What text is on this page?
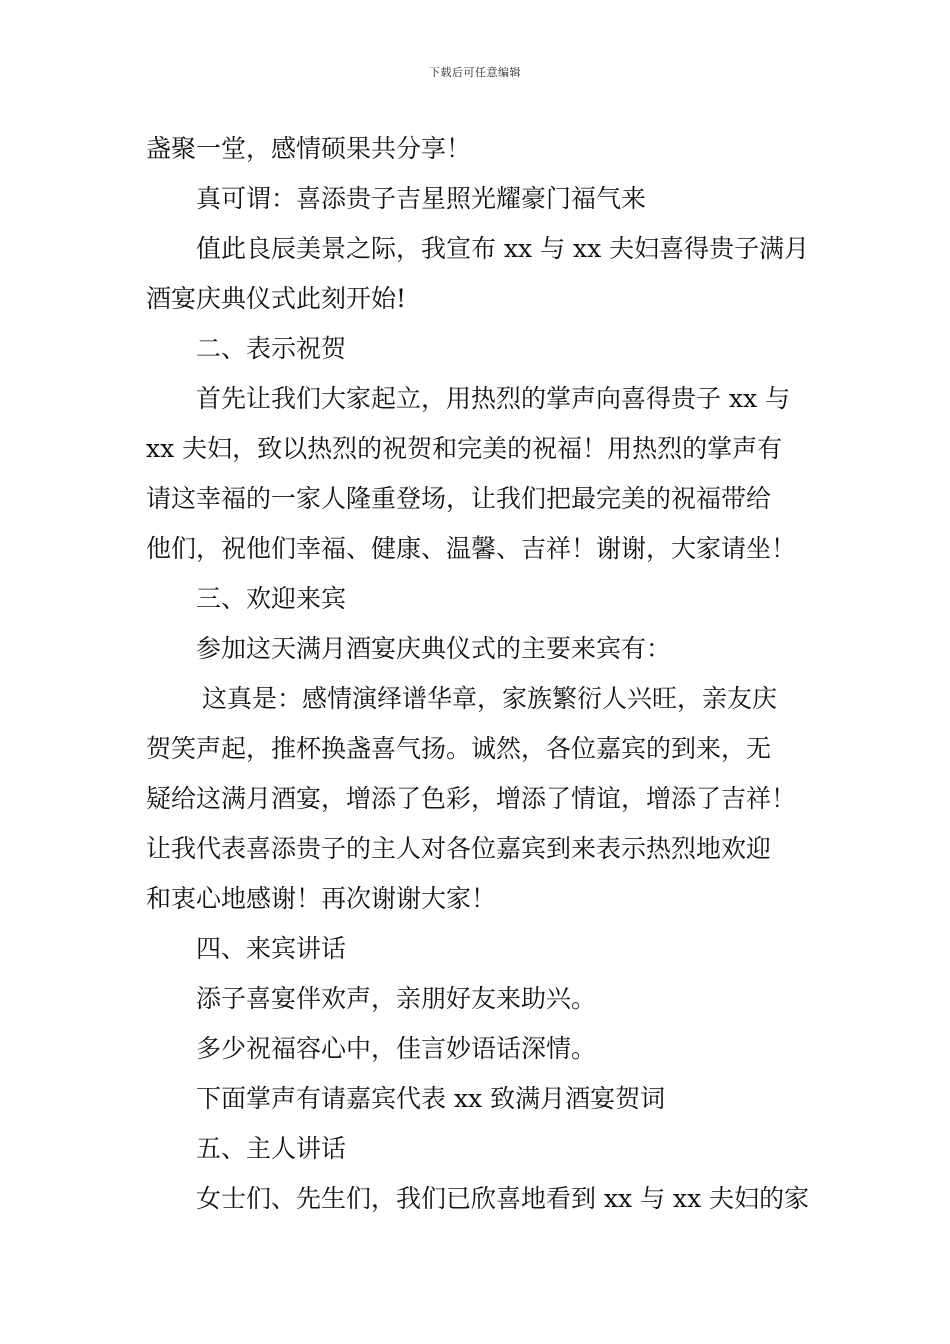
下载后可任意编辑
盏聚一堂，感情硕果共分享！
真可谓：喜添贵子吉星照光耀豪门福气来
值此良辰美景之际，我宣布 xx 与 xx 夫妇喜得贵子满月
酒宴庆典仪式此刻开始!
二、表示祝贺
首先让我们大家起立，用热烈的掌声向喜得贵子 xx 与
xx 夫妇，致以热烈的祝贺和完美的祝福！用热烈的掌声有
请这幸福的一家人隆重登场，让我们把最完美的祝福带给
他们，祝他们幸福、健康、温馨、吉祥！谢谢，大家请坐！
三、欢迎来宾
参加这天满月酒宴庆典仪式的主要来宾有：
这真是：感情演绎谱华章，家族繁衍人兴旺，亲友庆
贺笑声起，推杯换盏喜气扬。诚然，各位嘉宾的到来，无
疑给这满月酒宴，增添了色彩，增添了情谊，增添了吉祥！
让我代表喜添贵子的主人对各位嘉宾到来表示热烈地欢迎
和衷心地感谢！再次谢谢大家！
四、来宾讲话
添子喜宴伴欢声，亲朋好友来助兴。
多少祝福容心中，佳言妙语话深情。
下面掌声有请嘉宾代表 xx 致满月酒宴贺词
五、主人讲话
女士们、先生们，我们已欣喜地看到 xx 与 xx 夫妇的家
